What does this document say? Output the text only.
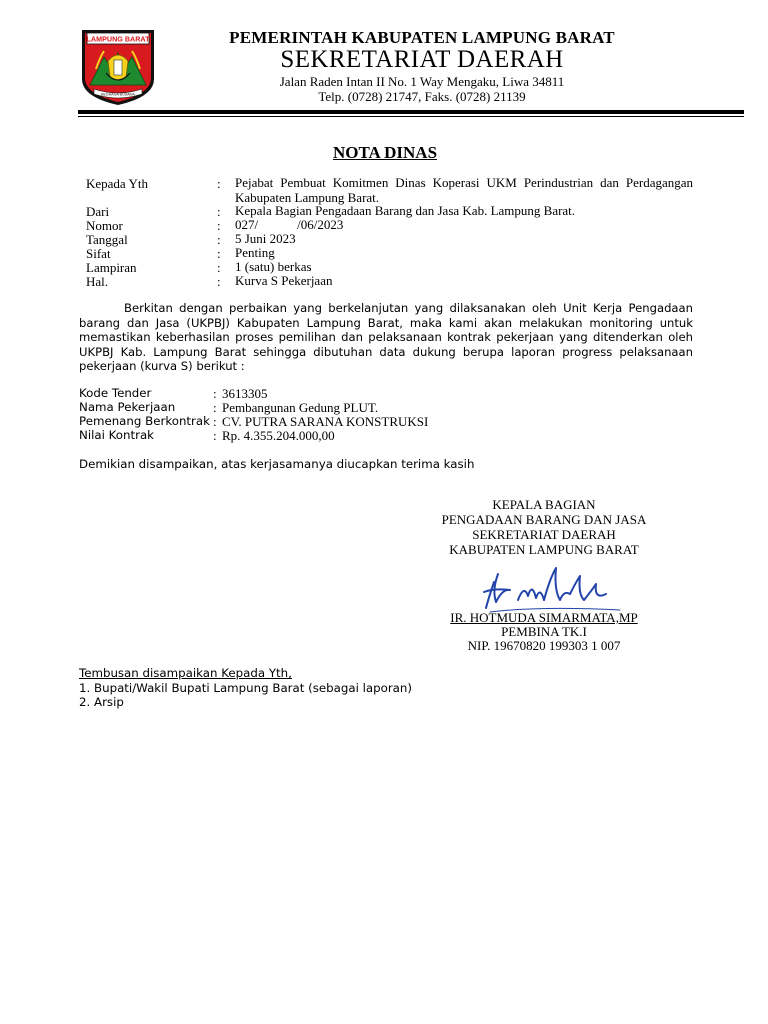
LAMPUNG BARAT
BEGHAGA BUSAMA
PEMERINTAH KABUPATEN LAMPUNG BARAT
SEKRETARIAT DAERAH
Jalan Raden Intan II No. 1 Way Mengaku, Liwa 34811
Telp. (0728) 21747, Faks. (0728) 21139
NOTA DINAS
Kepada Yth	: Pejabat Pembuat Komitmen Dinas Koperasi UKM Perindustrian dan Perdagangan Kabupaten Lampung Barat.
Dari	: Kepala Bagian Pengadaan Barang dan Jasa Kab. Lampung Barat.
Nomor	: 027/            /06/2023
Tanggal	: 5 Juni 2023
Sifat	: Penting
Lampiran	: 1 (satu) berkas
Hal.	: Kurva S Pekerjaan
Berkitan dengan perbaikan yang berkelanjutan yang dilaksanakan oleh Unit Kerja Pengadaan barang dan Jasa (UKPBJ) Kabupaten Lampung Barat, maka kami akan melakukan monitoring untuk memastikan keberhasilan proses pemilihan dan pelaksanaan kontrak pekerjaan yang ditenderkan oleh UKPBJ Kab. Lampung Barat sehingga dibutuhan data dukung berupa laporan progress pelaksanaan pekerjaan (kurva S) berikut :
Kode Tender	: 3613305
Nama Pekerjaan	: Pembangunan Gedung PLUT.
Pemenang Berkontrak : CV. PUTRA SARANA KONSTRUKSI
Nilai Kontrak	: Rp. 4.355.204.000,00
Demikian disampaikan, atas kerjasamanya diucapkan terima kasih
KEPALA BAGIAN
PENGADAAN BARANG DAN JASA
SEKRETARIAT DAERAH
KABUPATEN LAMPUNG BARAT
IR. HOTMUDA SIMARMATA,MP
PEMBINA TK.I
NIP. 19670820 199303 1 007
Tembusan disampaikan Kepada Yth,
1. Bupati/Wakil Bupati Lampung Barat (sebagai laporan)
2. Arsip
